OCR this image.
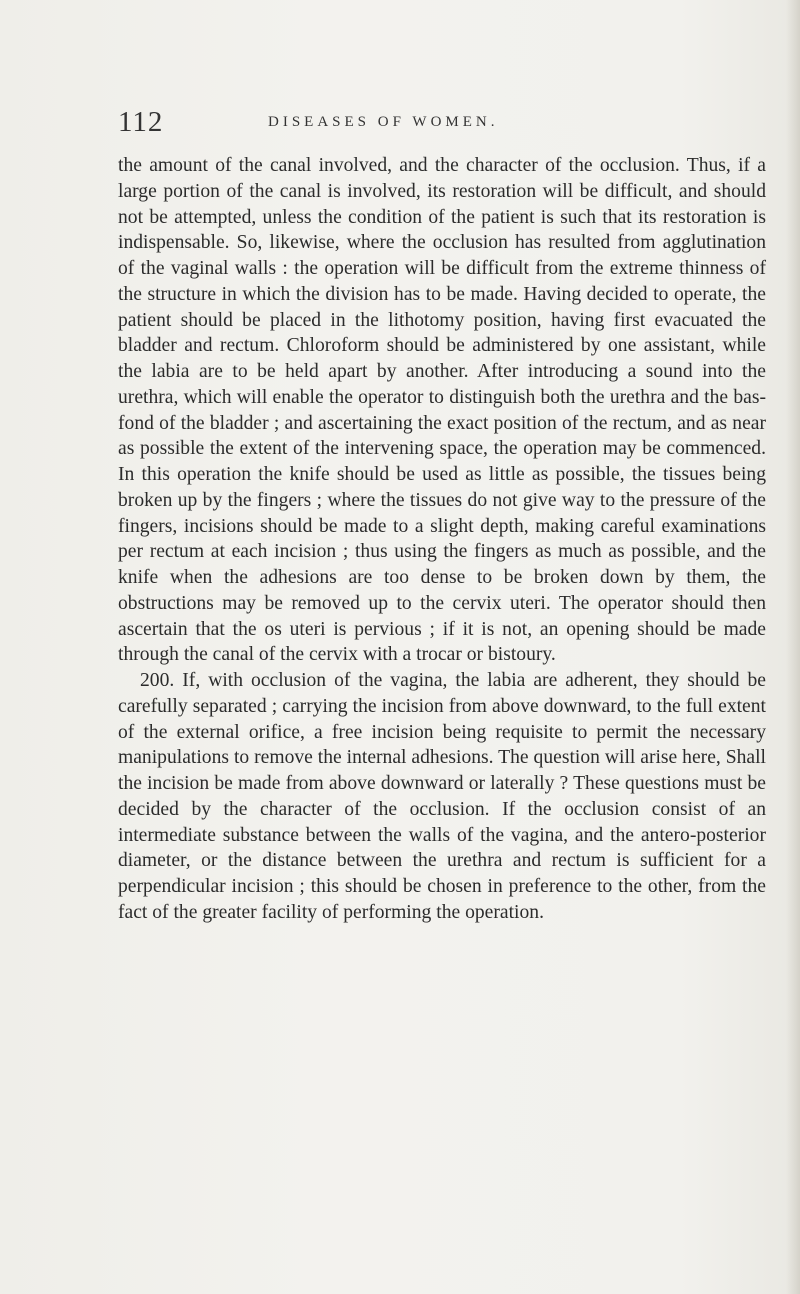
112	DISEASES OF WOMEN.

the amount of the canal involved, and the character of the occlusion. Thus, if a large portion of the canal is involved, its restoration will be difficult, and should not be attempted, unless the condition of the patient is such that its restoration is indispensable. So, likewise, where the occlusion has resulted from agglutination of the vaginal walls : the operation will be difficult from the extreme thinness of the structure in which the division has to be made. Having decided to operate, the patient should be placed in the lithotomy position, having first evacuated the bladder and rectum. Chloroform should be administered by one assistant, while the labia are to be held apart by another. After introducing a sound into the urethra, which will enable the operator to distinguish both the urethra and the bas-fond of the bladder ; and ascertaining the exact position of the rectum, and as near as possible the extent of the intervening space, the operation may be commenced. In this operation the knife should be used as little as possible, the tissues being broken up by the fingers ; where the tissues do not give way to the pressure of the fingers, incisions should be made to a slight depth, making careful examinations per rectum at each incision ; thus using the fingers as much as possible, and the knife when the adhesions are too dense to be broken down by them, the obstructions may be removed up to the cervix uteri. The operator should then ascertain that the os uteri is pervious ; if it is not, an opening should be made through the canal of the cervix with a trocar or bistoury.

200. If, with occlusion of the vagina, the labia are adherent, they should be carefully separated ; carrying the incision from above downward, to the full extent of the external orifice, a free incision being requisite to permit the necessary manipulations to remove the internal adhesions. The question will arise here, Shall the incision be made from above downward or laterally ? These questions must be decided by the character of the occlusion. If the occlusion consist of an intermediate substance between the walls of the vagina, and the antero-posterior diameter, or the distance between the urethra and rectum is sufficient for a perpendicular incision ; this should be chosen in preference to the other, from the fact of the greater facility of performing the operation.
